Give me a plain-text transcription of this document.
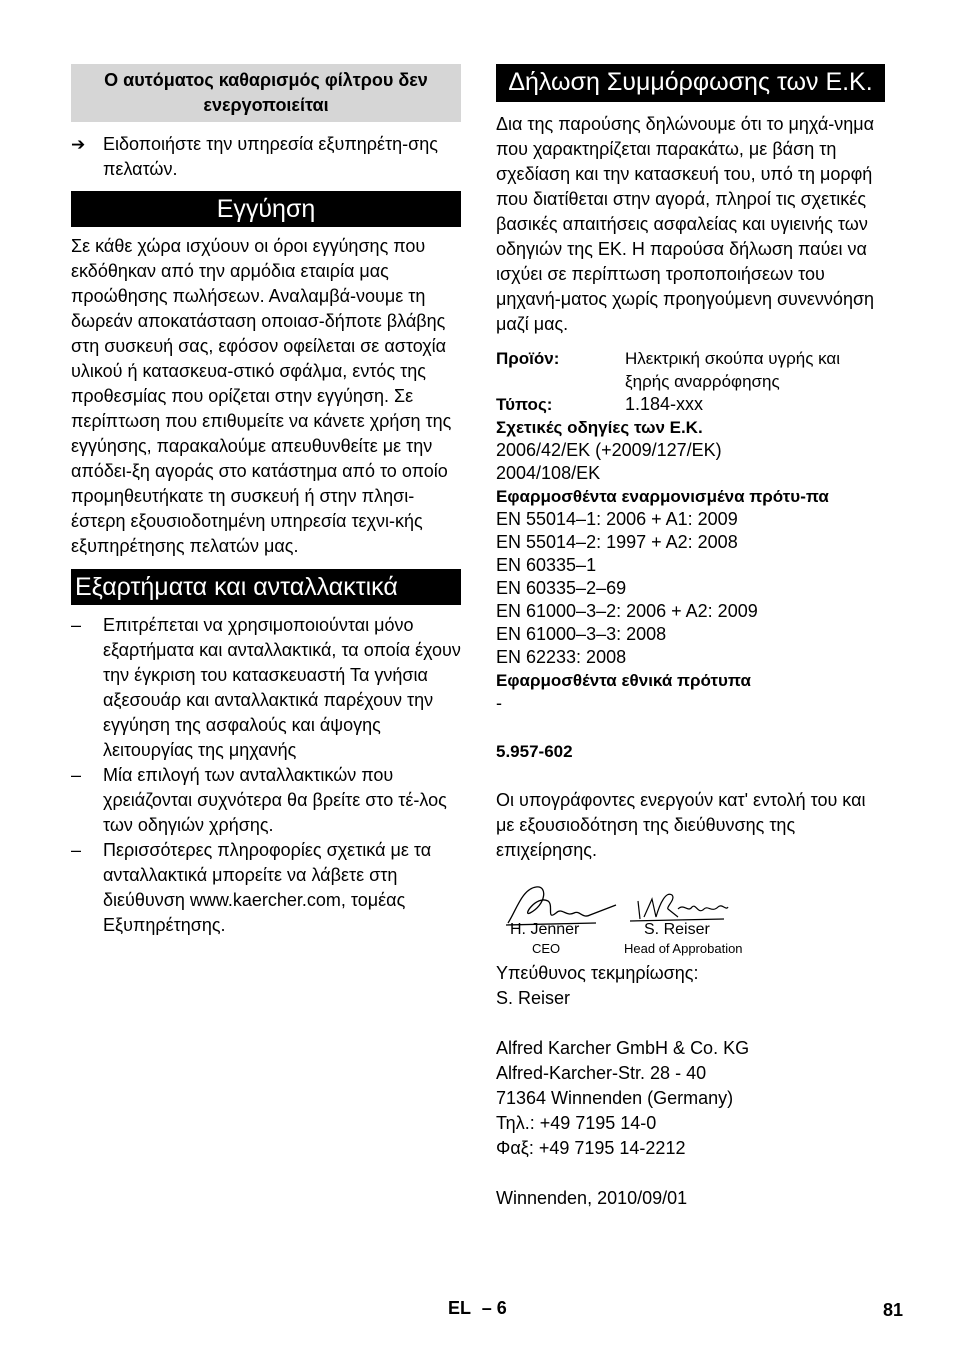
Ο αυτόματος καθαρισμός φίλτρου δεν ενεργοποιείται
➔ Ειδοποιήστε την υπηρεσία εξυπηρέτη-σης πελατών.
Εγγύηση

Σε κάθε χώρα ισχύουν οι όροι εγγύησης που εκδόθηκαν από την αρμόδια εταιρία μας προώθησης πωλήσεων. Αναλαμβά-νουμε τη δωρεάν αποκατάσταση οποιασ-δήποτε βλάβης στη συσκευή σας, εφόσον οφείλεται σε αστοχία υλικού ή κατασκευα-στικό σφάλμα, εντός της προθεσμίας που ορίζεται στην εγγύηση. Σε περίπτωση που επιθυμείτε να κάνετε χρήση της εγγύησης, παρακαλούμε απευθυνθείτε με την απόδει-ξη αγοράς στο κατάστημα από το οποίο προμηθευτήκατε τη συσκευή ή στην πλησι-έστερη εξουσιοδοτημένη υπηρεσία τεχνι-κής εξυπηρέτησης πελατών μας.

Εξαρτήματα και ανταλλακτικά
–	Επιτρέπεται να χρησιμοποιούνται μόνο εξαρτήματα και ανταλλακτικά, τα οποία έχουν την έγκριση του κατασκευαστή Τα γνήσια αξεσουάρ και ανταλλακτικά παρέχουν την εγγύηση της ασφαλούς και άψογης λειτουργίας της μηχανής
–	Μία επιλογή των ανταλλακτικών που χρειάζονται συχνότερα θα βρείτε στο τέ-λος των οδηγιών χρήσης.
–	Περισσότερες πληροφορίες σχετικά με τα ανταλλακτικά μπορείτε να λάβετε στη διεύθυνση www.kaercher.com, τομέας Εξυπηρέτησης.
Δήλωση Συμμόρφωσης των Ε.Κ.

Δια της παρούσης δηλώνουμε ότι το μηχά-νημα που χαρακτηρίζεται παρακάτω, με βάση τη σχεδίαση και την κατασκευή του, υπό τη μορφή που διατίθεται στην αγορά, πληροί τις σχετικές βασικές απαιτήσεις ασφαλείας και υγιεινής των οδηγιών της ΕΚ. Η παρούσα δήλωση παύει να ισχύει σε περίπτωση τροποποιήσεων του μηχανή-ματος χωρίς προηγούμενη συνεννόηση μαζί μας.

Προϊόν:	Ηλεκτρική σκούπα υγρής και ξηρής αναρρόφησης
Τύπος:	1.184-xxx
Σχετικές οδηγίες των Ε.Κ.
2006/42/EK (+2009/127/EK)
2004/108/EK
Εφαρμοσθέντα εναρμονισμένα πρότυ-πα
EN 55014–1: 2006 + A1: 2009
EN 55014–2: 1997 + A2: 2008
EN 60335–1
EN 60335–2–69
EN 61000–3–2: 2006 + A2: 2009
EN 61000–3–3: 2008
EN 62233: 2008
Εφαρμοσθέντα εθνικά πρότυπα
-
5.957-602

Οι υπογράφοντες ενεργούν κατ' εντολή του και με εξουσιοδότηση της διεύθυνσης της επιχείρησης.

H. Jenner
CEO
S. Reiser
Head of Approbation
Υπεύθυνος τεκμηρίωσης:
S. Reiser
Alfred Karcher GmbH & Co. KG
Alfred-Karcher-Str. 28 - 40
71364 Winnenden (Germany)
Τηλ.: +49 7195 14-0
Φαξ: +49 7195 14-2212
Winnenden, 2010/09/01
EL – 6	81
